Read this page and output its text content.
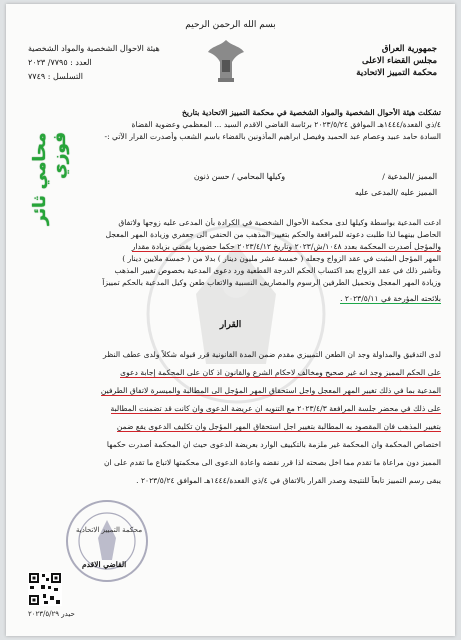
بسم الله الرحمن الرحيم
جمهورية العراق
مجلس القضاء الاعلى
محكمة التمييز الاتحادية
هيئة الاحوال الشخصية والمواد الشخصية
العدد : ٧٧٩٥/ ٢٠٢٣
التسلسل : ٧٧٤٩
محامي ثائر فوزي
تشكلت هيئة الأحوال الشخصية والمواد الشخصية في محكمة التمييز الاتحادية بتاريخ
٤/ذي القعدة/١٤٤٤هـ الموافق ٢٠٢٣/٥/٢٤ برئاسة القاضي الاقدم السيد ... المعظمي وعضوية القضاة
السادة حامد عبيد وعصام عبد الحميد وفيصل ابراهيم المأذونين بالقضاء باسم الشعب وأصدرت القرار الآتي :-
المميز /المدعية /
وكيلها المحامي / حسن ذنون
المميز عليه /المدعى عليه
ادعت المدعية بواسطة وكيلها لدى محكمة الأحوال الشخصية في الكرادة بأن المدعى عليه زوجها ولاتفاق
الحاصل بينهما لذا طلبت دعوته للمرافعة والحكم بتغيير المذهب من الحنفي الى جعفري وزيادة المهر المعجل
والمؤجل أصدرت المحكمة بعدد ١٠٤٨/ش/٢٠٢٣ وتاريخ ٢٠٢٣/٤/١٢ حكما حضوريا يقضي بزيادة مقدار
المهر المؤجل المثبت في عقد الزواج وجعله ( خمسة عشر مليون دينار ) بدلا من ( خمسة ملايين دينار )
وتأشير ذلك في عقد الزواج بعد اكتساب الحكم الدرجة القطعية ورد دعوى المدعية بخصوص تغيير المذهب
وزيادة المهر المعجل وتحميل الطرفين الرسوم والمصاريف النسبية والاتعاب طعن وكيل المدعية بالحكم تمييزاً
بلائحته المؤرخة في ٢٠٢٣/٥/١١ .
القرار
لدى التدقيق والمداولة وجد ان الطعن التمييزي مقدم ضمن المدة القانونية قرر قبوله شكلاً ولدى عطف النظر
على الحكم المميز وجد انه غير صحيح ومخالف لاحكام الشرع والقانون اذ كان على المحكمة إجابة دعوى
المدعية بما في ذلك تغيير المهر المعجل واجل استحقاق المهر المؤجل الى المطالبة والميسرة لاتفاق الطرفين
على ذلك في محضر جلسة المرافعة ٢٠٢٣/٤/٣ مع التنويه ان عريضة الدعوى وان كانت قد تضمنت المطالبة
بتغيير المذهب فان المقصود به المطالبة بتغيير اجل استحقاق المهر المؤجل وان تكليف الدعوى يقع ضمن
اختصاص المحكمة وان المحكمة غير ملزمة بالتكييف الوارد بعريضة الدعوى حيث ان المحكمة أصدرت حكمها
المميز دون مراعاة ما تقدم مما اخل بصحته لذا قرر نقضه واعادة الدعوى الى محكمتها لاتباع ما تقدم على ان
يبقى رسم التمييز تابعاً للنتيجة وصدر القرار بالاتفاق في ٤/ذي القعدة/١٤٤٤هـ الموافق ٢٠٢٣/٥/٢٤ .
محكمة التمييز الاتحادية
القاضي الاقدم
حيدر ٢٠٢٣/٥/٢٩
